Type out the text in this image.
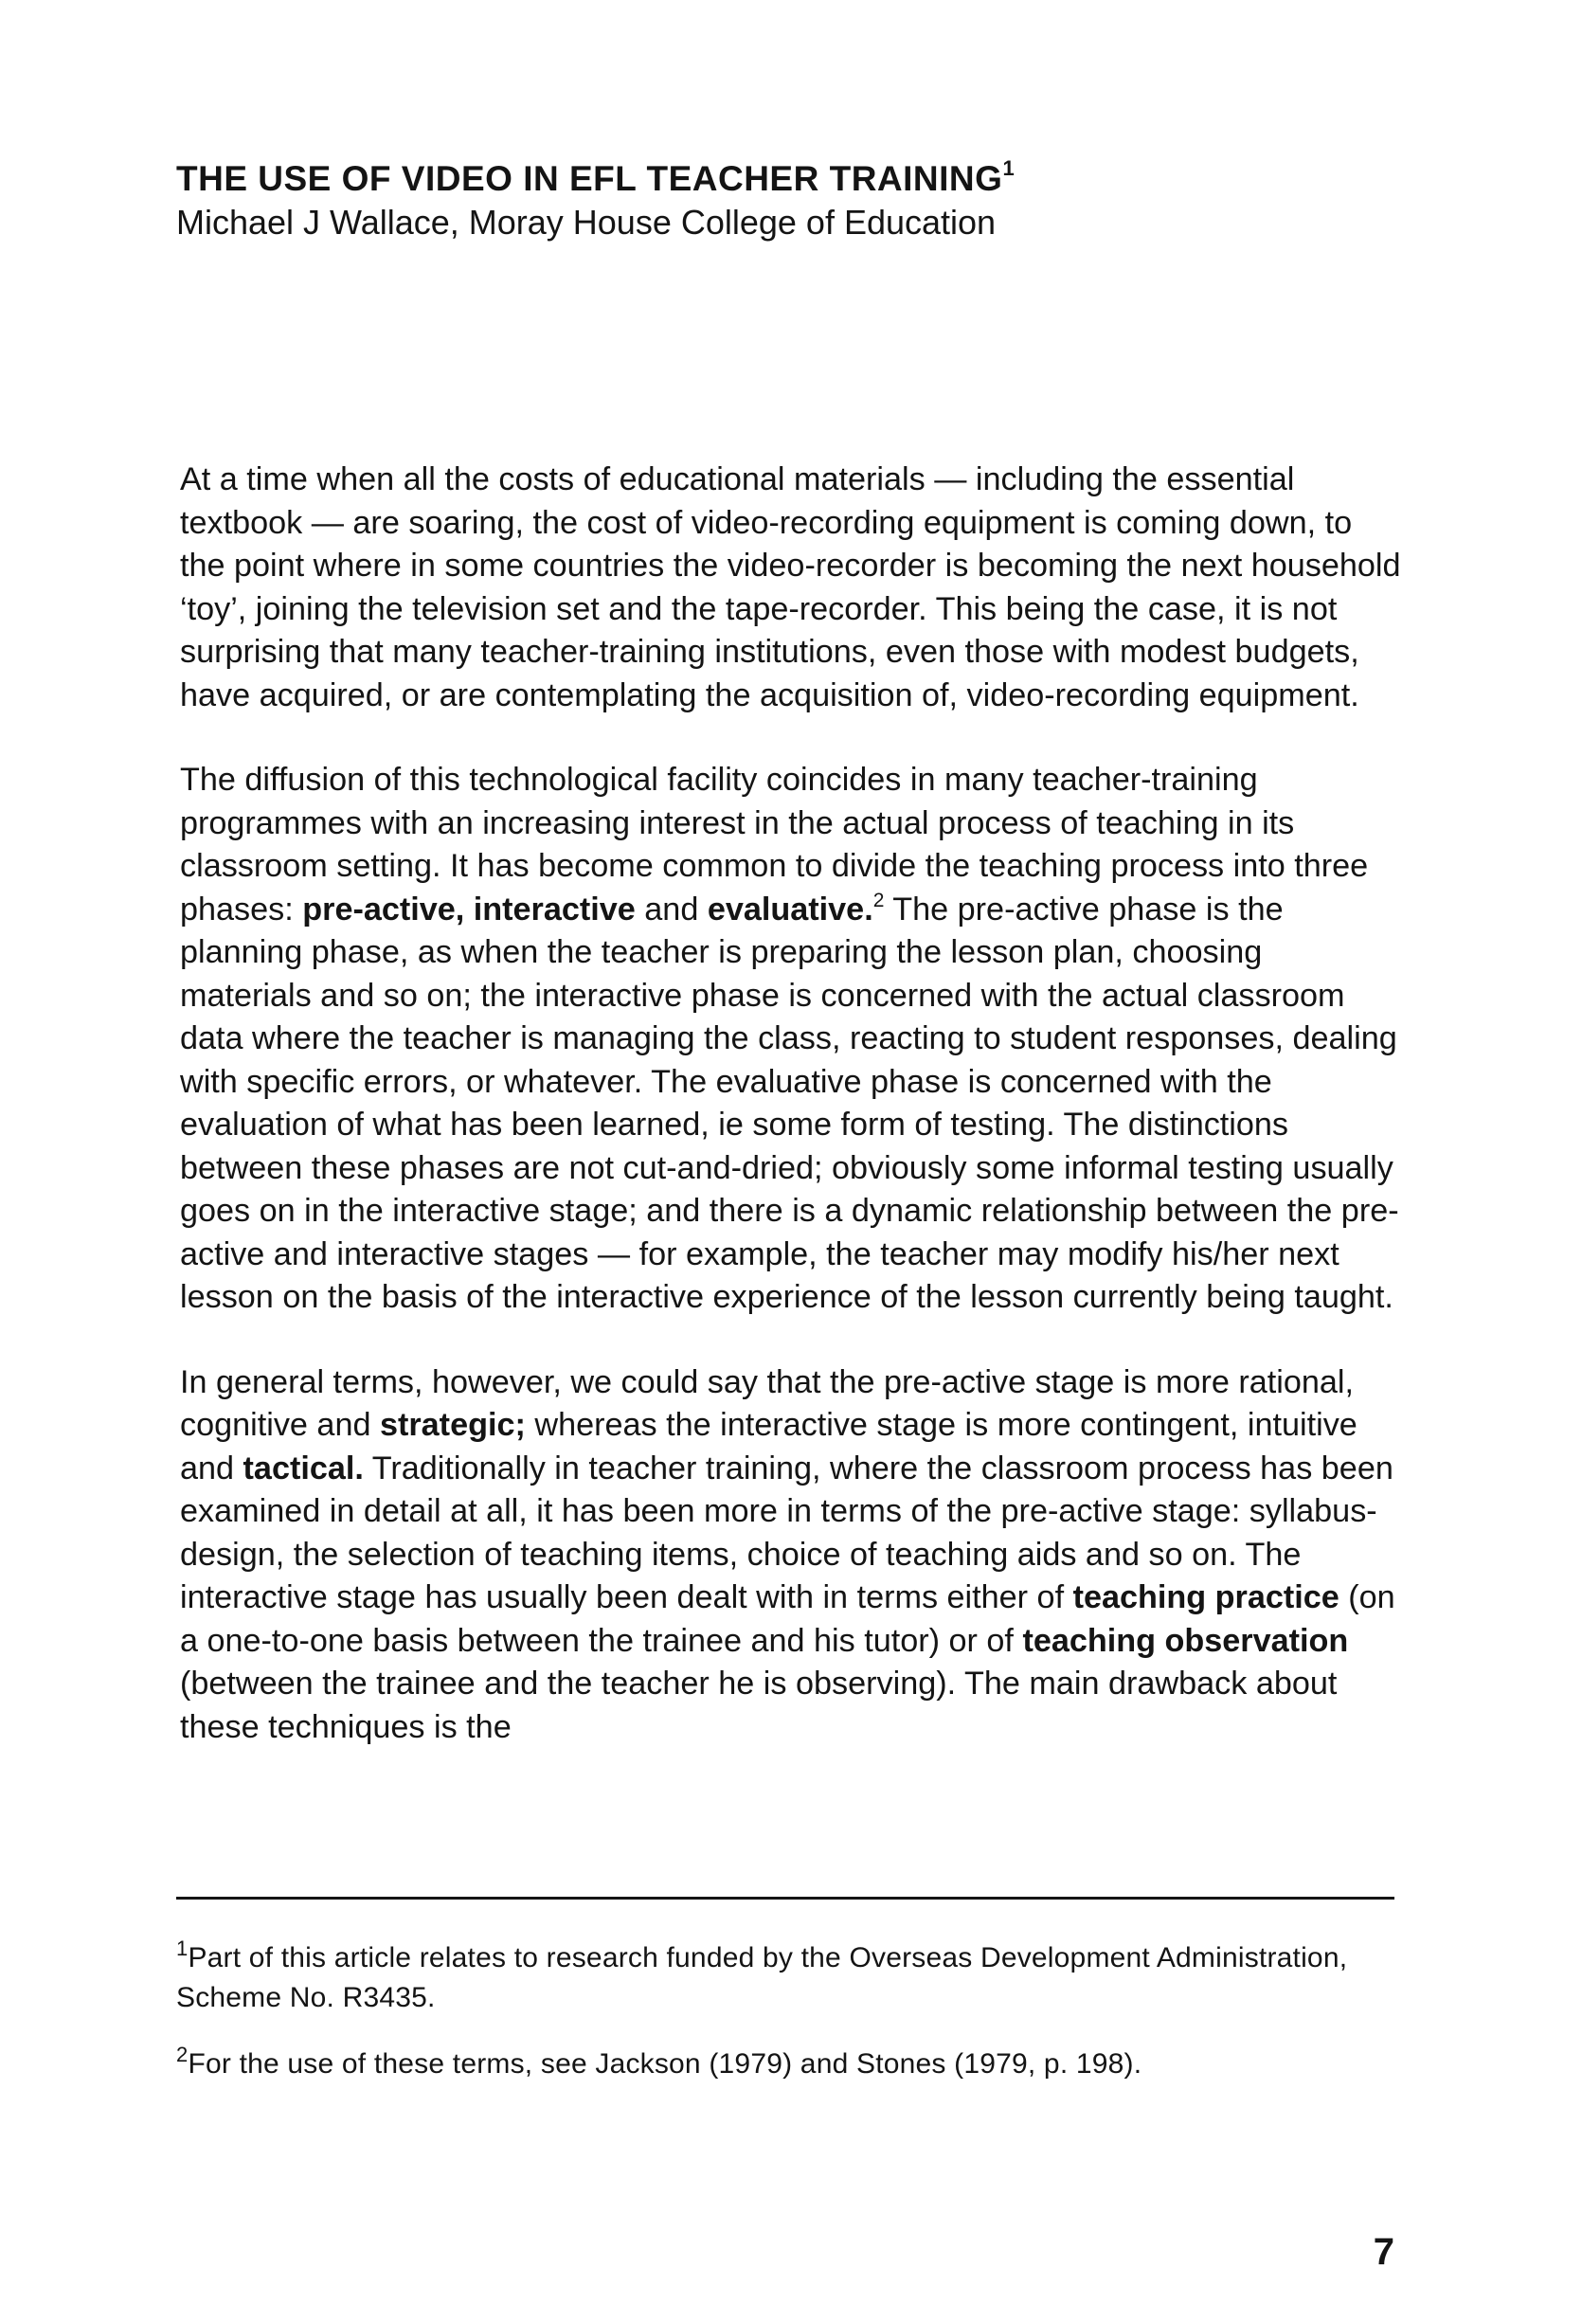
THE USE OF VIDEO IN EFL TEACHER TRAINING$^1$

Michael J Wallace, Moray House College of Education

At a time when all the costs of educational materials — including the essential textbook — are soaring, the cost of video-recording equipment is coming down, to the point where in some countries the video-recorder is becoming the next household ‘toy’, joining the television set and the tape-recorder. This being the case, it is not surprising that many teacher-training institutions, even those with modest budgets, have acquired, or are contemplating the acquisition of, video-recording equipment.

The diffusion of this technological facility coincides in many teacher-training programmes with an increasing interest in the actual process of teaching in its classroom setting. It has become common to divide the teaching process into three phases: pre-active, interactive and evaluative.$^2$ The pre-active phase is the planning phase, as when the teacher is preparing the lesson plan, choosing materials and so on; the interactive phase is concerned with the actual classroom data where the teacher is managing the class, reacting to student responses, dealing with specific errors, or whatever. The evaluative phase is concerned with the evaluation of what has been learned, ie some form of testing. The distinctions between these phases are not cut-and-dried; obviously some informal testing usually goes on in the interactive stage; and there is a dynamic relationship between the pre-active and interactive stages — for example, the teacher may modify his/her next lesson on the basis of the interactive experience of the lesson currently being taught.

In general terms, however, we could say that the pre-active stage is more rational, cognitive and strategic; whereas the interactive stage is more contingent, intuitive and tactical. Traditionally in teacher training, where the classroom process has been examined in detail at all, it has been more in terms of the pre-active stage: syllabus-design, the selection of teaching items, choice of teaching aids and so on. The interactive stage has usually been dealt with in terms either of teaching practice (on a one-to-one basis between the trainee and his tutor) or of teaching observation (between the trainee and the teacher he is observing). The main drawback about these techniques is the

$^1$Part of this article relates to research funded by the Overseas Development Administration, Scheme No. R3435.

$^2$For the use of these terms, see Jackson (1979) and Stones (1979, p. 198).

7
